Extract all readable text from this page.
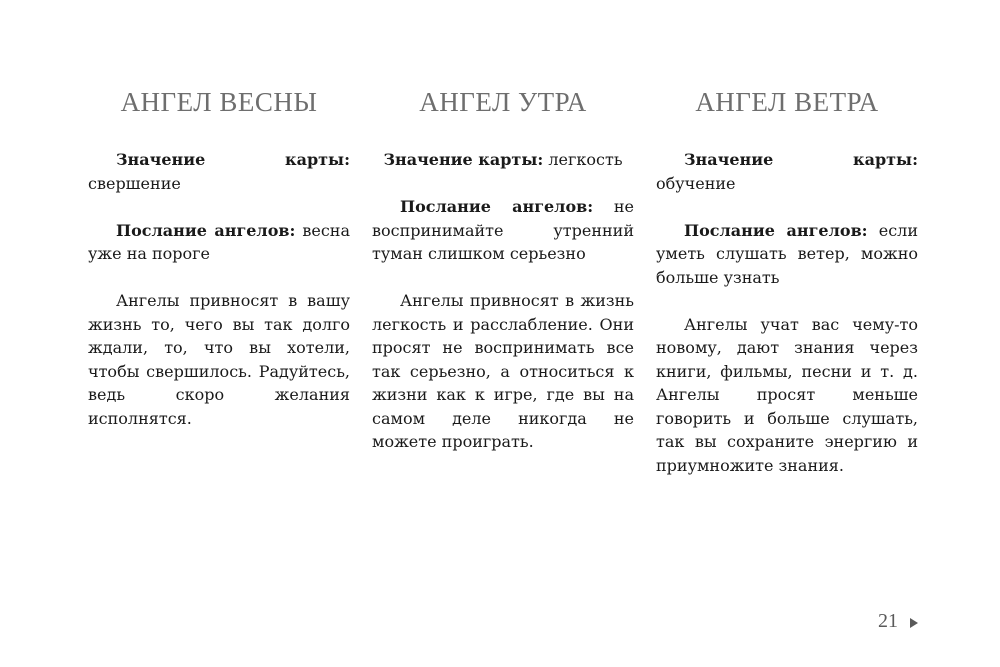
АНГЕЛ ВЕСНЫ

Значение карты: свершение

Послание ангелов: весна уже на пороге

Ангелы привносят в вашу жизнь то, чего вы так долго ждали, то, что вы хотели, чтобы свершилось. Радуйтесь, ведь скоро желания исполнятся.

АНГЕЛ УТРА

Значение карты: легкость

Послание ангелов: не воспринимайте утренний туман слишком серьезно

Ангелы привносят в жизнь легкость и расслабление. Они просят не воспринимать все так серьезно, а относиться к жизни как к игре, где вы на самом деле никогда не можете проиграть.

АНГЕЛ ВЕТРА

Значение карты: обучение

Послание ангелов: если уметь слушать ветер, можно больше узнать

Ангелы учат вас чему-то новому, дают знания через книги, фильмы, песни и т. д. Ангелы просят меньше говорить и больше слушать, так вы сохраните энергию и приумножите знания.

21
